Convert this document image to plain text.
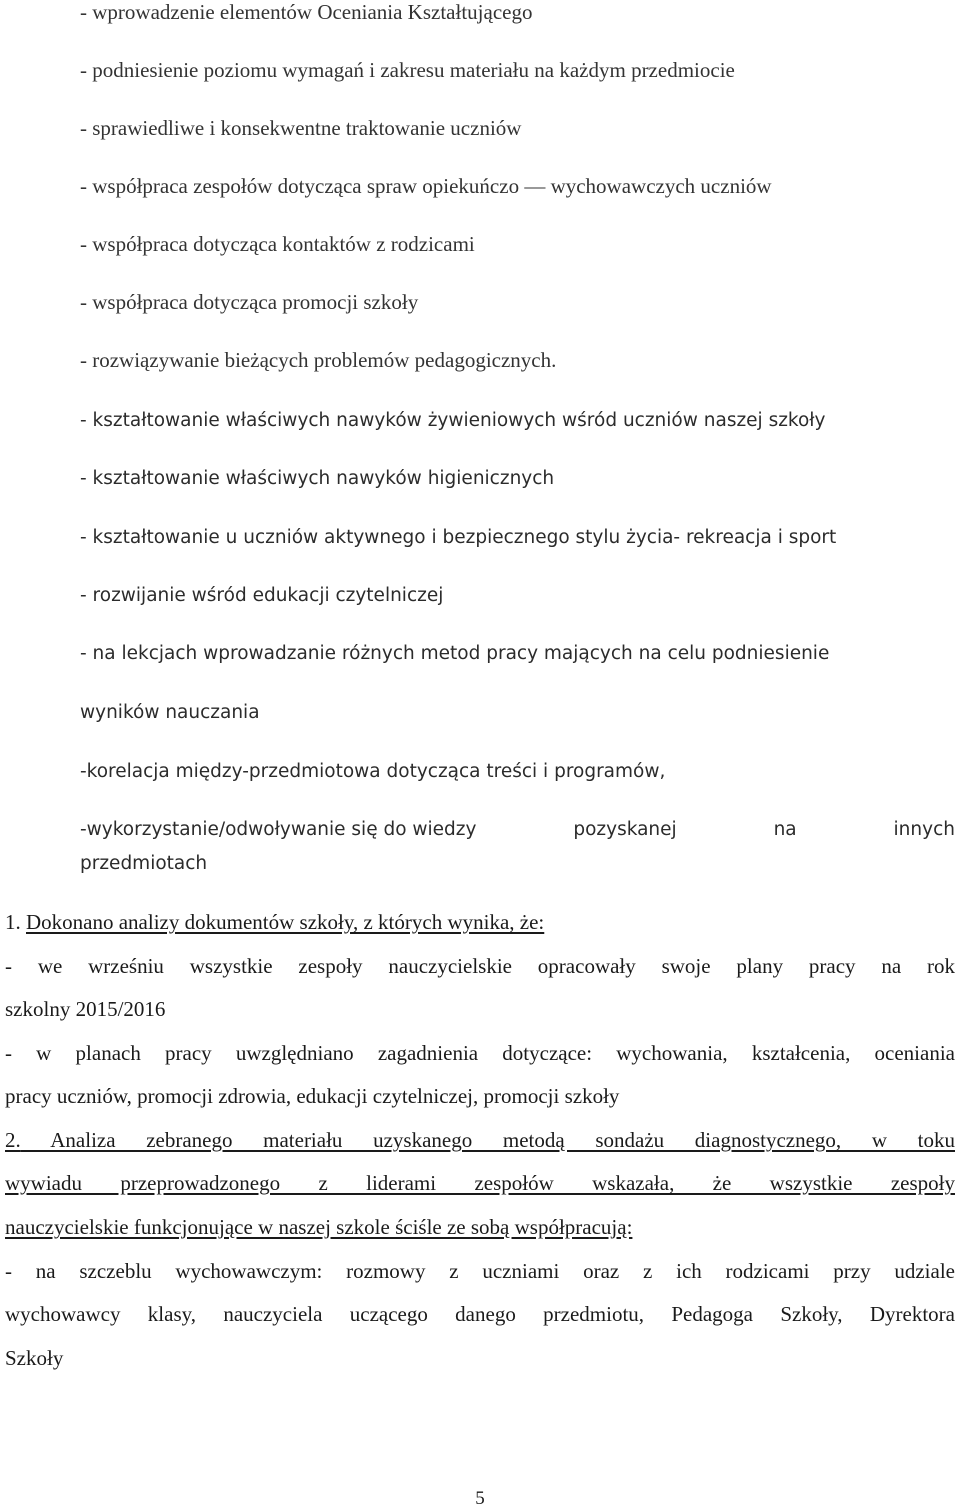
- wprowadzenie elementów Oceniania Kształtującego

- podniesienie poziomu wymagań i zakresu materiału na każdym przedmiocie

- sprawiedliwe i konsekwentne traktowanie uczniów

- współpraca zespołów dotycząca spraw opiekuńczo — wychowawczych uczniów

- współpraca dotycząca kontaktów z rodzicami

- współpraca dotycząca promocji szkoły

- rozwiązywanie bieżących problemów pedagogicznych.

- kształtowanie właściwych nawyków żywieniowych wśród uczniów naszej szkoły

- kształtowanie właściwych nawyków higienicznych

- kształtowanie u uczniów aktywnego i bezpiecznego stylu życia- rekreacja i sport

- rozwijanie wśród edukacji czytelniczej

- na lekcjach wprowadzanie różnych metod pracy mających na celu podniesienie

wyników nauczania

-korelacja między-przedmiotowa dotycząca treści i programów,

-wykorzystanie/odwoływanie się do wiedzy	pozyskanej	na	innych

przedmiotach

1. Dokonano analizy dokumentów szkoły, z których wynika, że:

- we wrześniu wszystkie zespoły nauczycielskie opracowały swoje plany pracy na rok

szkolny 2015/2016

- w planach pracy uwzględniano zagadnienia dotyczące: wychowania, kształcenia, oceniania

pracy uczniów, promocji zdrowia, edukacji czytelniczej, promocji szkoły

2. Analiza zebranego materiału uzyskanego metodą sondażu diagnostycznego, w toku

wywiadu przeprowadzonego z liderami zespołów wskazała, że wszystkie zespoły

nauczycielskie funkcjonujące w naszej szkole ściśle ze sobą współpracują:

- na szczeblu wychowawczym: rozmowy z uczniami oraz z ich rodzicami przy udziale

wychowawcy klasy, nauczyciela uczącego danego przedmiotu, Pedagoga Szkoły, Dyrektora

Szkoły

5
